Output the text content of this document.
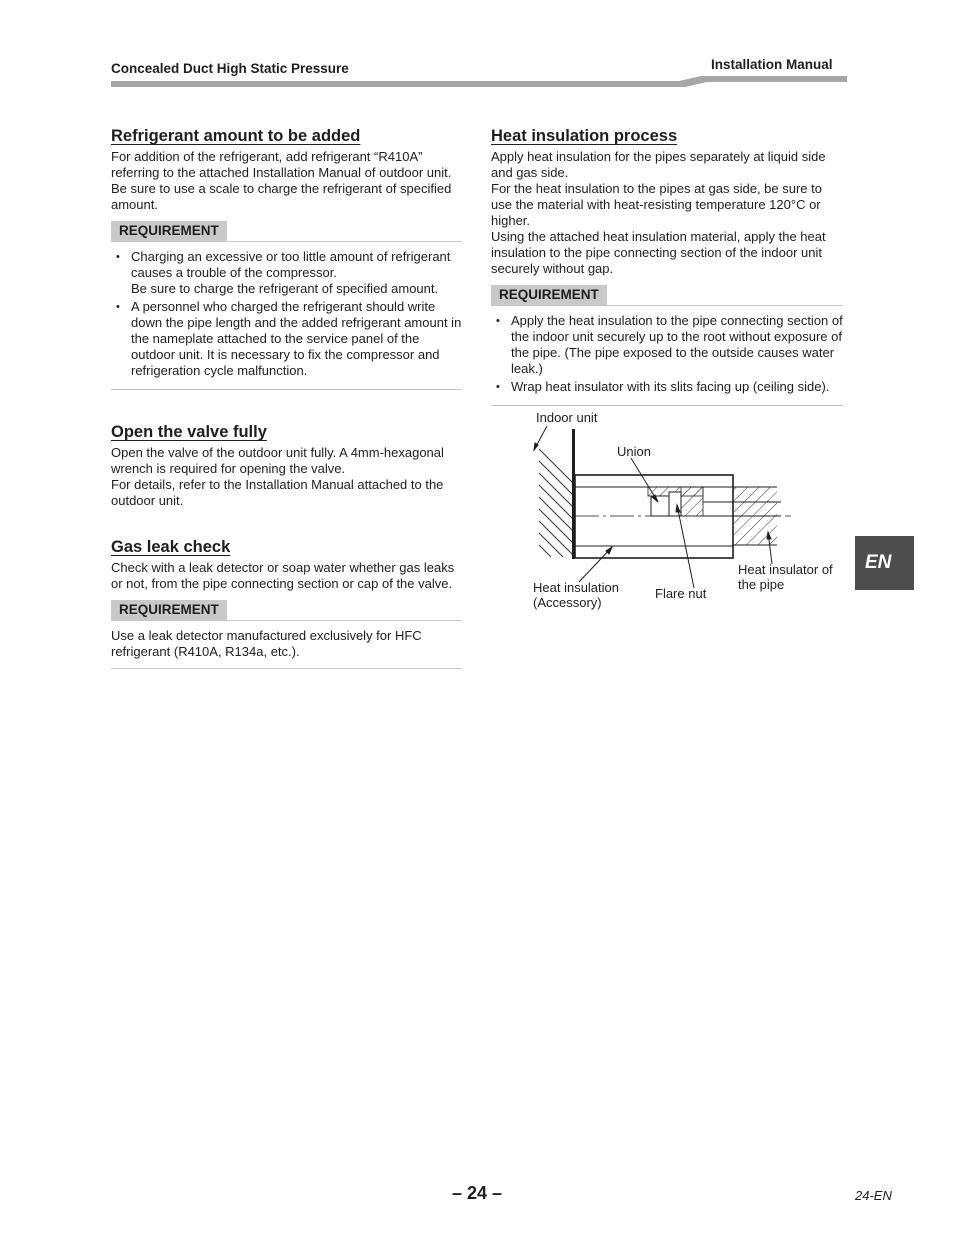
Concealed Duct High Static Pressure	Installation Manual
Refrigerant amount to be added

For addition of the refrigerant, add refrigerant “R410A” referring to the attached Installation Manual of outdoor unit. Be sure to use a scale to charge the refrigerant of specified amount.

REQUIREMENT
• Charging an excessive or too little amount of refrigerant causes a trouble of the compressor.
Be sure to charge the refrigerant of specified amount.
• A personnel who charged the refrigerant should write down the pipe length and the added refrigerant amount in the nameplate attached to the service panel of the outdoor unit. It is necessary to fix the compressor and refrigeration cycle malfunction.
Open the valve fully

Open the valve of the outdoor unit fully. A 4mm-hexagonal wrench is required for opening the valve.

For details, refer to the Installation Manual attached to the outdoor unit.

Gas leak check

Check with a leak detector or soap water whether gas leaks or not, from the pipe connecting section or cap of the valve.

REQUIREMENT

Use a leak detector manufactured exclusively for HFC refrigerant (R410A, R134a, etc.).

Heat insulation process

Apply heat insulation for the pipes separately at liquid side and gas side.

For the heat insulation to the pipes at gas side, be sure to use the material with heat-resisting temperature 120°C or higher.

Using the attached heat insulation material, apply the heat insulation to the pipe connecting section of the indoor unit securely without gap.

REQUIREMENT
• Apply the heat insulation to the pipe connecting section of the indoor unit securely up to the root without exposure of the pipe. (The pipe exposed to the outside causes water leak.)
• Wrap heat insulator with its slits facing up (ceiling side).
Indoor unit
Union
Heat insulation
(Accessory)
Flare nut
Heat insulator of
the pipe
EN
– 24 –	24-EN
